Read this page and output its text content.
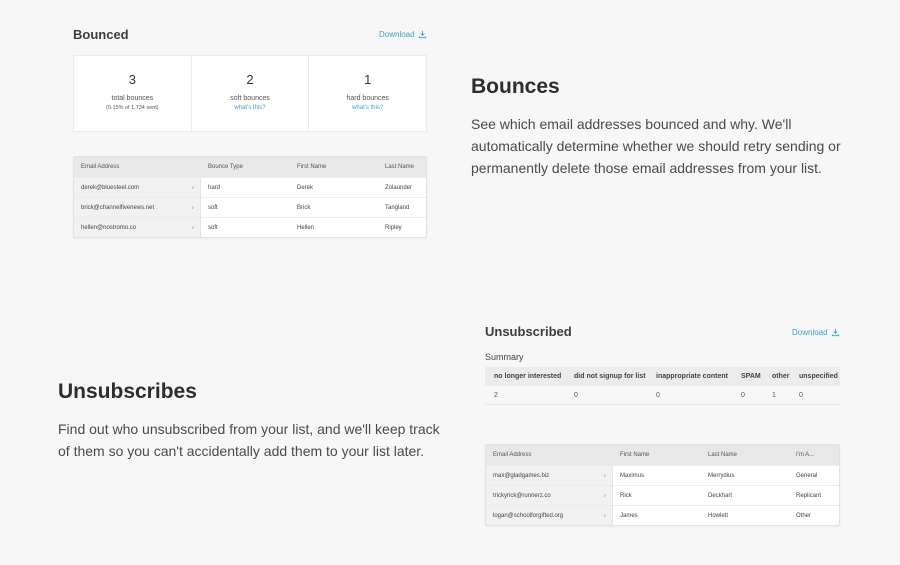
Bounced	Download
3
total bounces
(0.15% of 1,734 sent)
2
soft bounces
what's this?
1
hard bounces
what's this?
Email Address	Bounce Type	First Name	Last Name
derek@bluesteel.com	›	hard	Derek	Zolaunder
brick@channelfivenews.net	›	soft	Brick	Tangland
hellen@nostromo.co	›	soft	Hellen	Ripley
Bounces
See which email addresses bounced and why. We'll automatically determine whether we should retry sending or permanently delete those email addresses from your list.
Unsubscribes
Find out who unsubscribed from your list, and we'll keep track of them so you can't accidentally add them to your list later.
Unsubscribed	Download
Summary
no longer interested	did not signup for list	inappropriate content	SPAM	other	unspecified
2	0	0	0	1	0
Email Address	First Name	Last Name	I'm A...
max@gladgames.biz	›	Maximus	Merrydius	General
trickyrick@runnerz.co	›	Rick	Deckhart	Replicant
logan@schoolforgifted.org	›	James	Howlett	Other
